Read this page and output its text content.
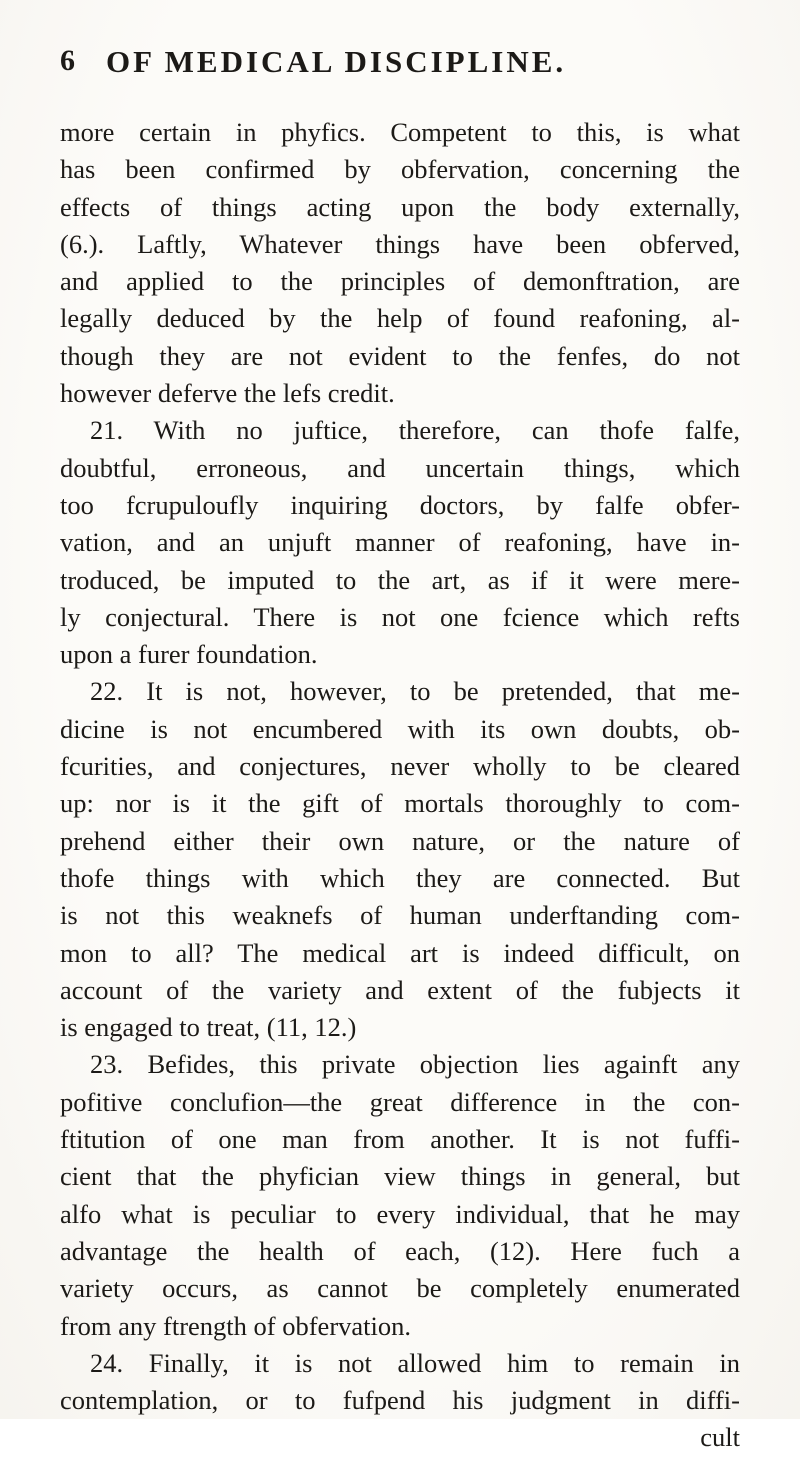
6 OF MEDICAL DISCIPLINE.
more certain in phyfics. Competent to this, is what
has been confirmed by obfervation, concerning the
effects of things acting upon the body externally,
(6.). Laftly, Whatever things have been obferved,
and applied to the principles of demonftration, are
legally deduced by the help of found reafoning, al-
though they are not evident to the fenfes, do not
however deferve the lefs credit.
21. With no juftice, therefore, can thofe falfe,
doubtful, erroneous, and uncertain things, which
too fcrupuloufly inquiring doctors, by falfe obfer-
vation, and an unjuft manner of reafoning, have in-
troduced, be imputed to the art, as if it were mere-
ly conjectural. There is not one fcience which refts
upon a furer foundation.
22. It is not, however, to be pretended, that me-
dicine is not encumbered with its own doubts, ob-
fcurities, and conjectures, never wholly to be cleared
up: nor is it the gift of mortals thoroughly to com-
prehend either their own nature, or the nature of
thofe things with which they are connected. But
is not this weaknefs of human underftanding com-
mon to all? The medical art is indeed difficult, on
account of the variety and extent of the fubjects it
is engaged to treat, (11, 12.)
23. Befides, this private objection lies againft any
pofitive conclufion—the great difference in the con-
ftitution of one man from another. It is not fuffi-
cient that the phyfician view things in general, but
alfo what is peculiar to every individual, that he may
advantage the health of each, (12). Here fuch a
variety occurs, as cannot be completely enumerated
from any ftrength of obfervation.
24. Finally, it is not allowed him to remain in
contemplation, or to fufpend his judgment in diffi-
cult
